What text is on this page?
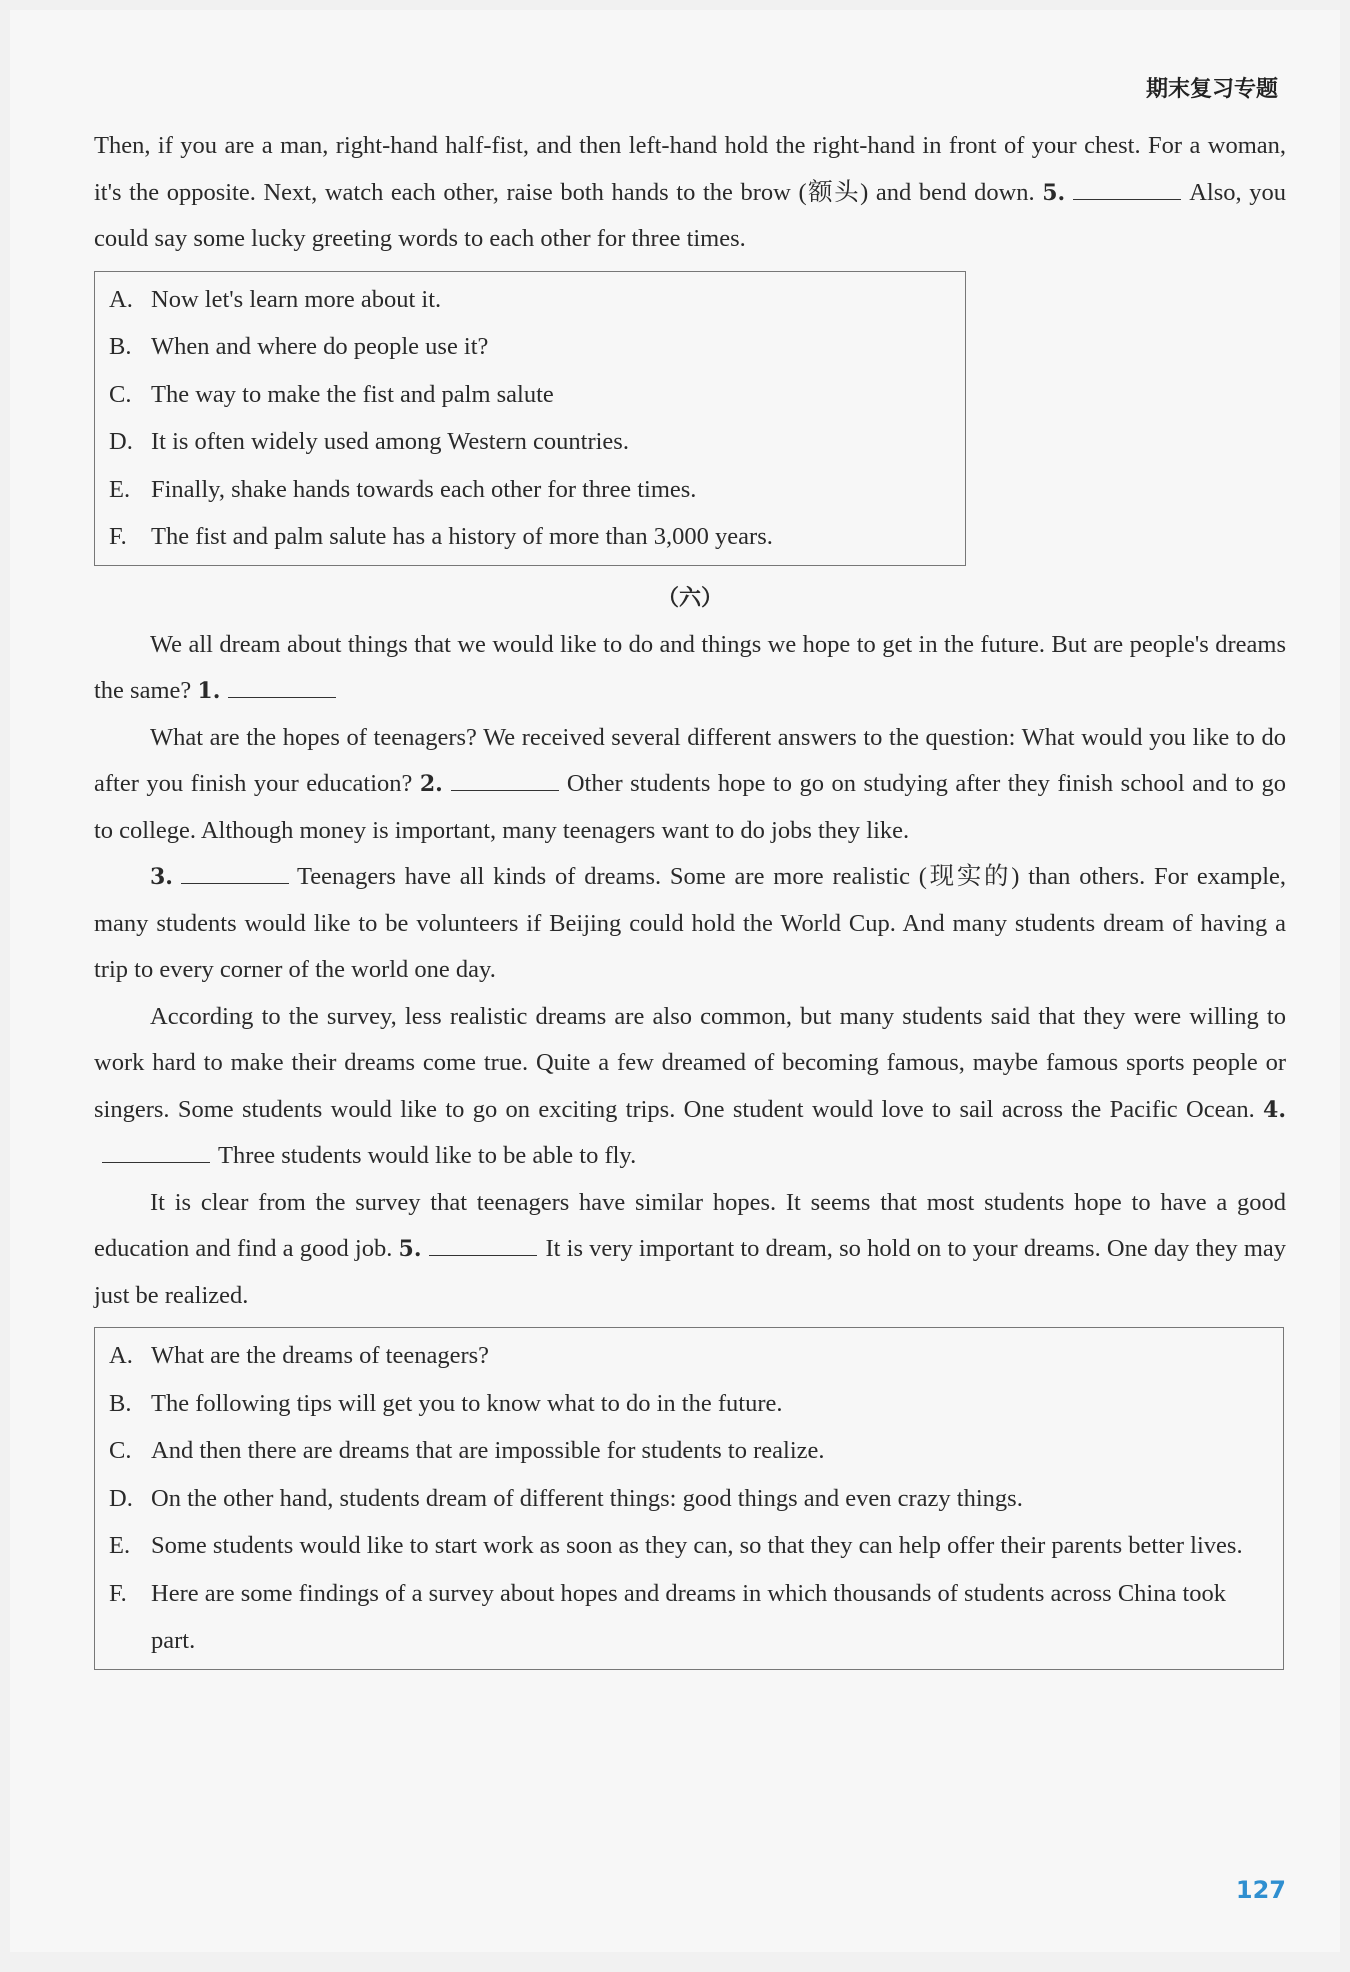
期末复习专题

Then, if you are a man, right-hand half-fist, and then left-hand hold the right-hand in front of your chest. For a woman, it's the opposite. Next, watch each other, raise both hands to the brow (额头) and bend down. 5.	Also, you could say some lucky greeting words to each other for three times.

A. Now let's learn more about it.
B. When and where do people use it?
C. The way to make the fist and palm salute
D. It is often widely used among Western countries.
E. Finally, shake hands towards each other for three times.
F. The fist and palm salute has a history of more than 3,000 years.

（六）

We all dream about things that we would like to do and things we hope to get in the future. But are people's dreams the same? 1.

What are the hopes of teenagers? We received several different answers to the question: What would you like to do after you finish your education? 2.	Other students hope to go on studying after they finish school and to go to college. Although money is important, many teenagers want to do jobs they like.

3.	Teenagers have all kinds of dreams. Some are more realistic (现实的) than others. For example, many students would like to be volunteers if Beijing could hold the World Cup. And many students dream of having a trip to every corner of the world one day.

According to the survey, less realistic dreams are also common, but many students said that they were willing to work hard to make their dreams come true. Quite a few dreamed of becoming famous, maybe famous sports people or singers. Some students would like to go on exciting trips. One student would love to sail across the Pacific Ocean. 4.Three students would like to be able to fly.

It is clear from the survey that teenagers have similar hopes. It seems that most students hope to have a good education and find a good job. 5.	It is very important to dream, so hold on to your dreams. One day they may just be realized.

A. What are the dreams of teenagers?
B. The following tips will get you to know what to do in the future.
C. And then there are dreams that are impossible for students to realize.
D. On the other hand, students dream of different things: good things and even crazy things.
E. Some students would like to start work as soon as they can, so that they can help offer their parents better lives.
F. Here are some findings of a survey about hopes and dreams in which thousands of students across China took part.
127
